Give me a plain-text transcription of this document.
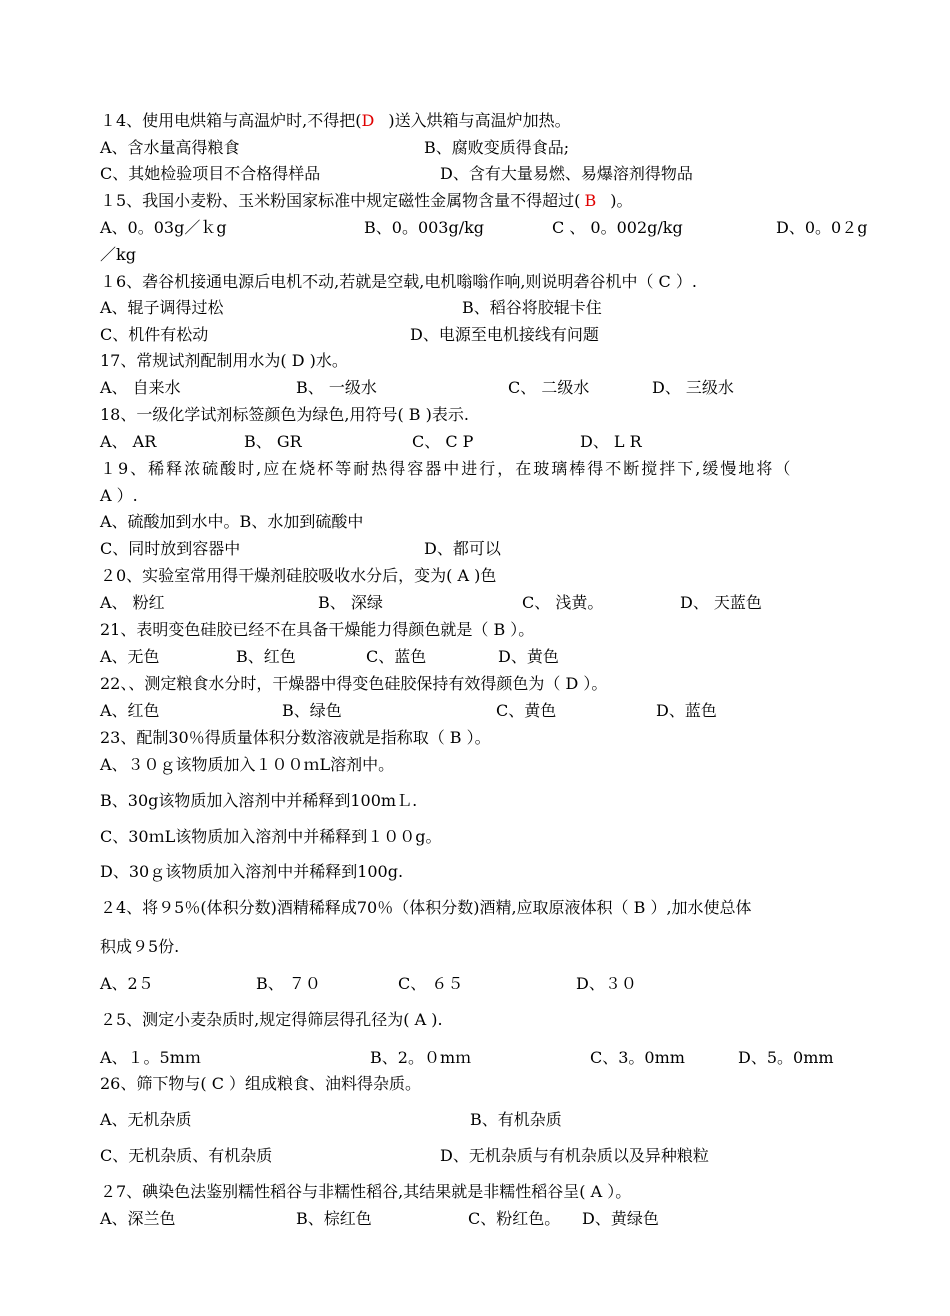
１4、使用电烘箱与高温炉时,不得把(D )送入烘箱与高温炉加热。
A、含水量高得粮食	B、腐败变质得食品;
C、其她检验项目不合格得样品	D、含有大量易燃、易爆溶剂得物品
１5、我国小麦粉、玉米粉国家标准中规定磁性金属物含量不得超过( B )。
A、0。03g／ｋg	B、0。003g/kg	C 、 0。002g/kg	D、0。0２g
／kg
１6、砻谷机接通电源后电机不动,若就是空载,电机嗡嗡作响,则说明砻谷机中（ C ）.
A、辊子调得过松	B、稻谷将胶辊卡住
C、机件有松动	D、电源至电机接线有问题
17、常规试剂配制用水为( D )水。
A、 自来水	B、 一级水	C、 二级水	D、 三级水
18、一级化学试剂标签颜色为绿色,用符号( B )表示.
A、 AR	B、 GR	C、 C P	D、 L R
１9、稀释浓硫酸时,应在烧杯等耐热得容器中进行，在玻璃棒得不断搅拌下,缓慢地将（
A ）.
A、硫酸加到水中。B、水加到硫酸中
C、同时放到容器中	D、都可以
２0、实验室常用得干燥剂硅胶吸收水分后，变为( A )色
A、 粉红	B、 深绿	C、 浅黄。	D、 天蓝色
21、表明变色硅胶已经不在具备干燥能力得颜色就是（ B ）。
A、无色	B、红色	C、蓝色	D、黄色
22、、测定粮食水分时，干燥器中得变色硅胶保持有效得颜色为（ D ）。
A、红色	B、绿色	C、黄色	D、蓝色
23、配制30％得质量体积分数溶液就是指称取（ B ）。
A、３０ｇ该物质加入１００ｍL溶剂中。
B、30g该物质加入溶剂中并稀释到100mＬ.
C、30ｍL该物质加入溶剂中并稀释到１００g。
D、30ｇ该物质加入溶剂中并稀释到100g.
２4、将９5％(体积分数)酒精稀释成70％（体积分数)酒精,应取原液体积（ B ）,加水使总体
积成９5份.
A、2５	B、 ７０	C、 ６５	D、３０
２5、测定小麦杂质时,规定得筛层得孔径为( A ).
A、１。5mｍ	B、2。０mｍ	C、3。0mm	D、5。0mm
26、筛下物与( C ）组成粮食、油料得杂质。
A、无机杂质	B、有机杂质
C、无机杂质、有机杂质	D、无机杂质与有机杂质以及异种粮粒
２7、碘染色法鉴别糯性稻谷与非糯性稻谷,其结果就是非糯性稻谷呈( A ）。
A、深兰色	B、棕红色	C、粉红色。 D、黄绿色
